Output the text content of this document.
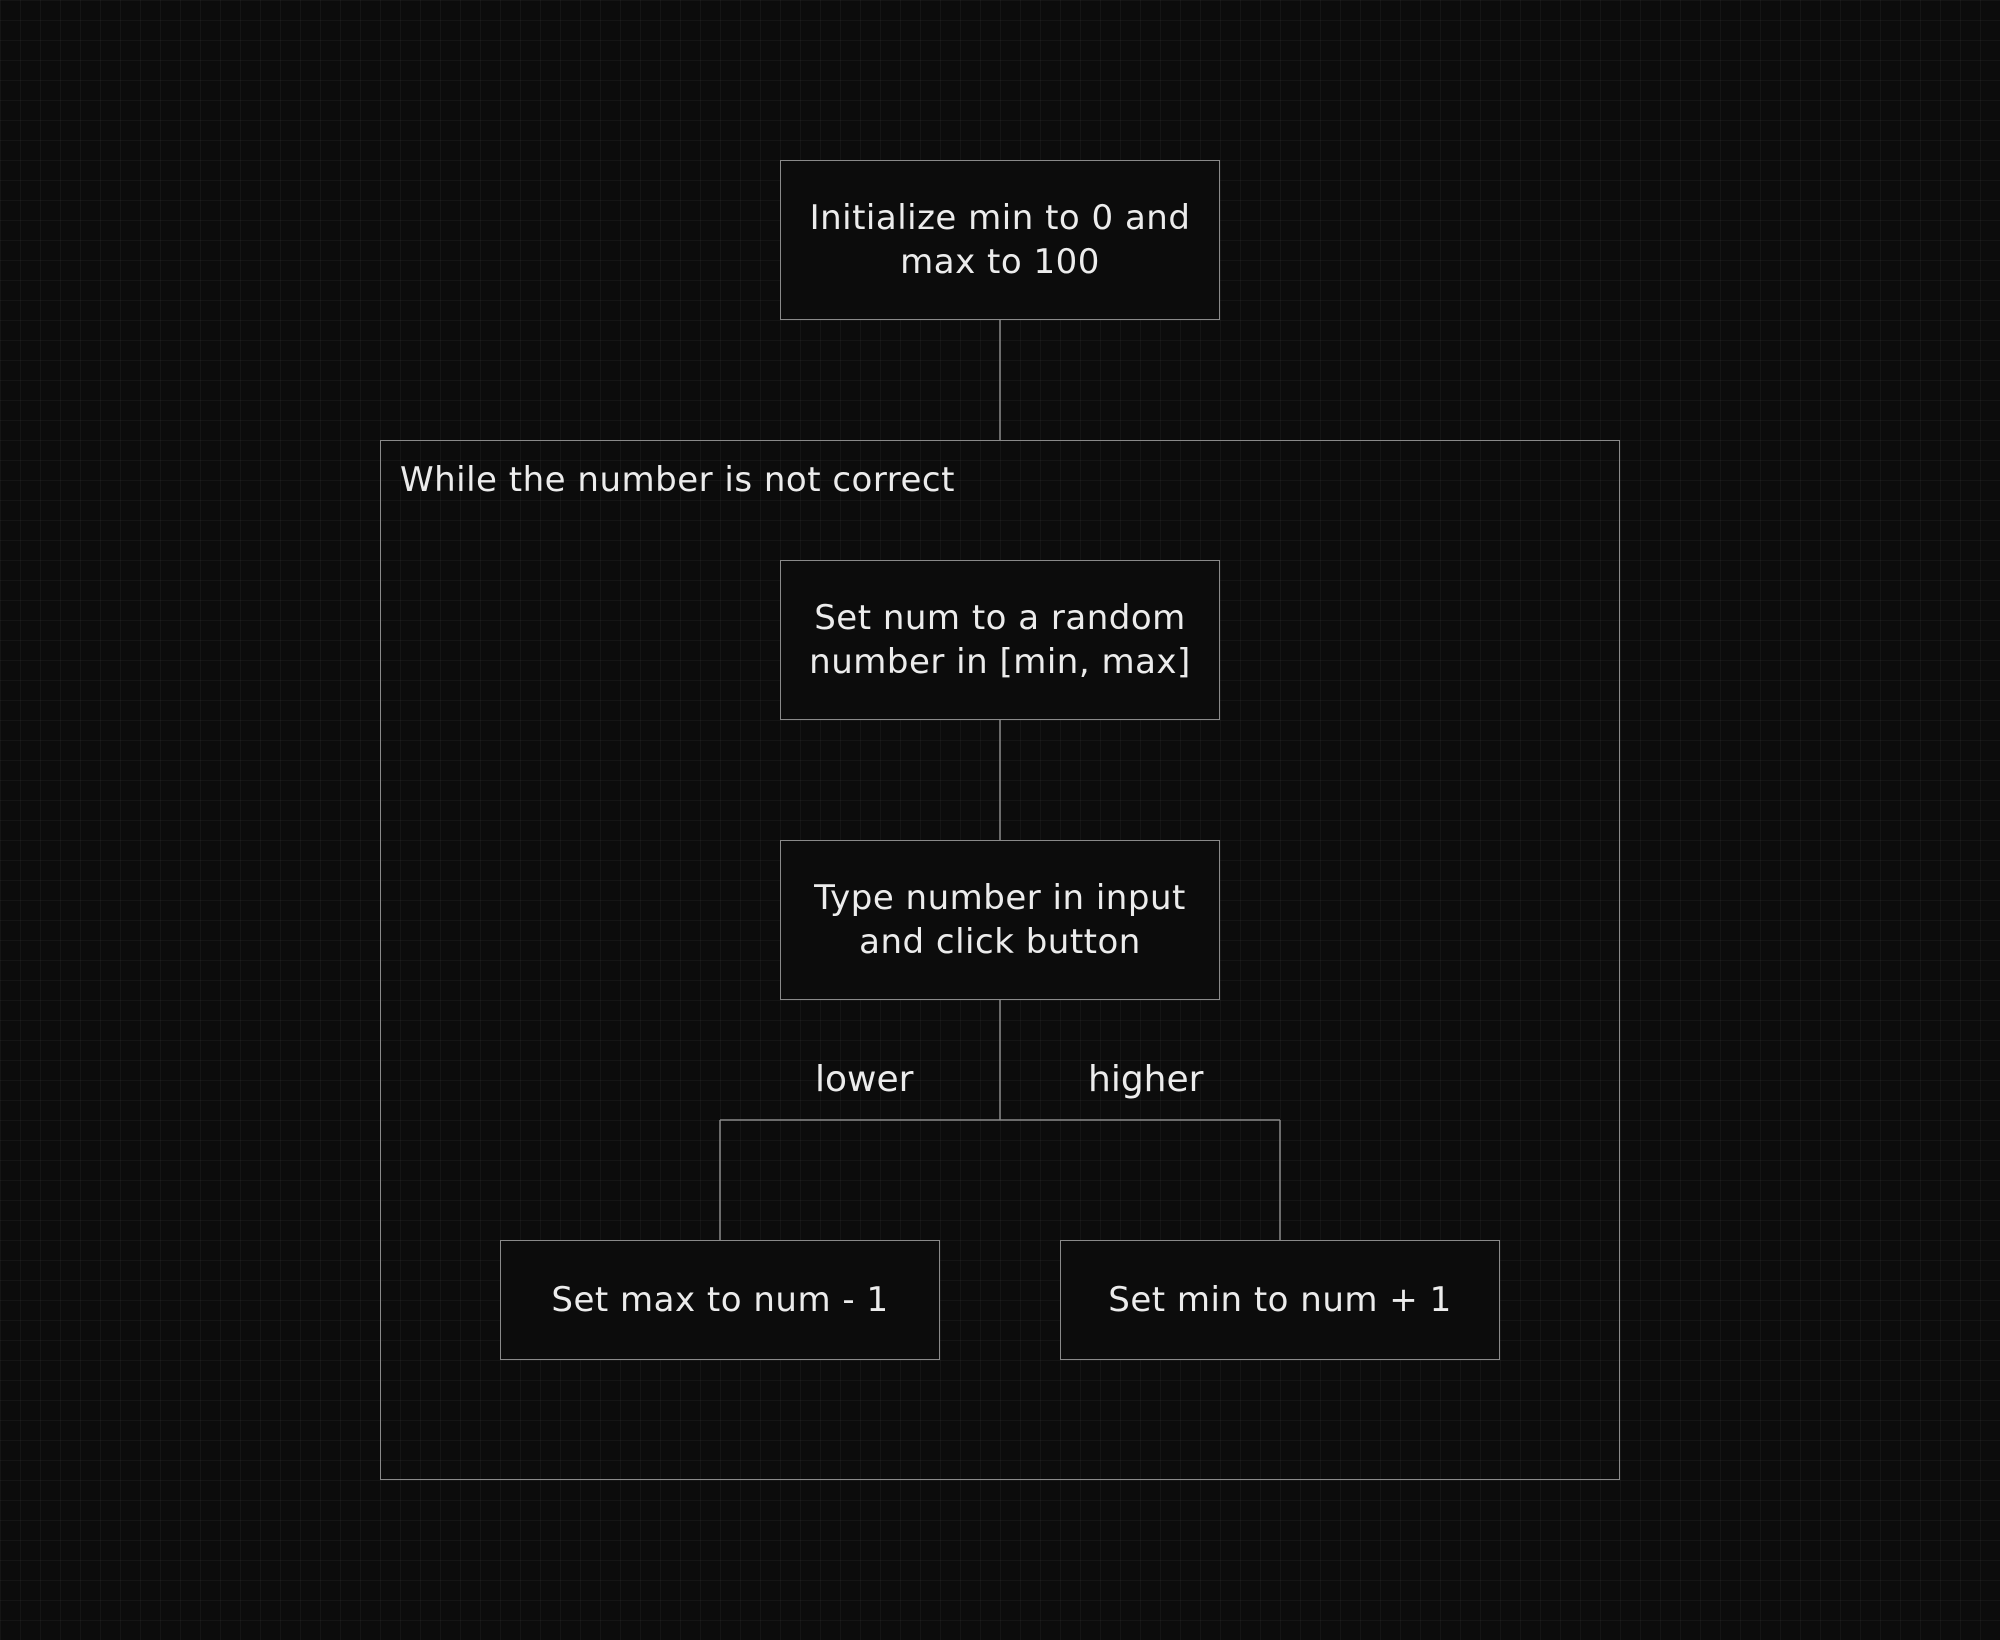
While the number is not correct
Initialize min to 0 and max to 100
Set num to a random number in [min, max]
Type number in input and click button
lower	higher
Set max to num - 1	Set min to num + 1
